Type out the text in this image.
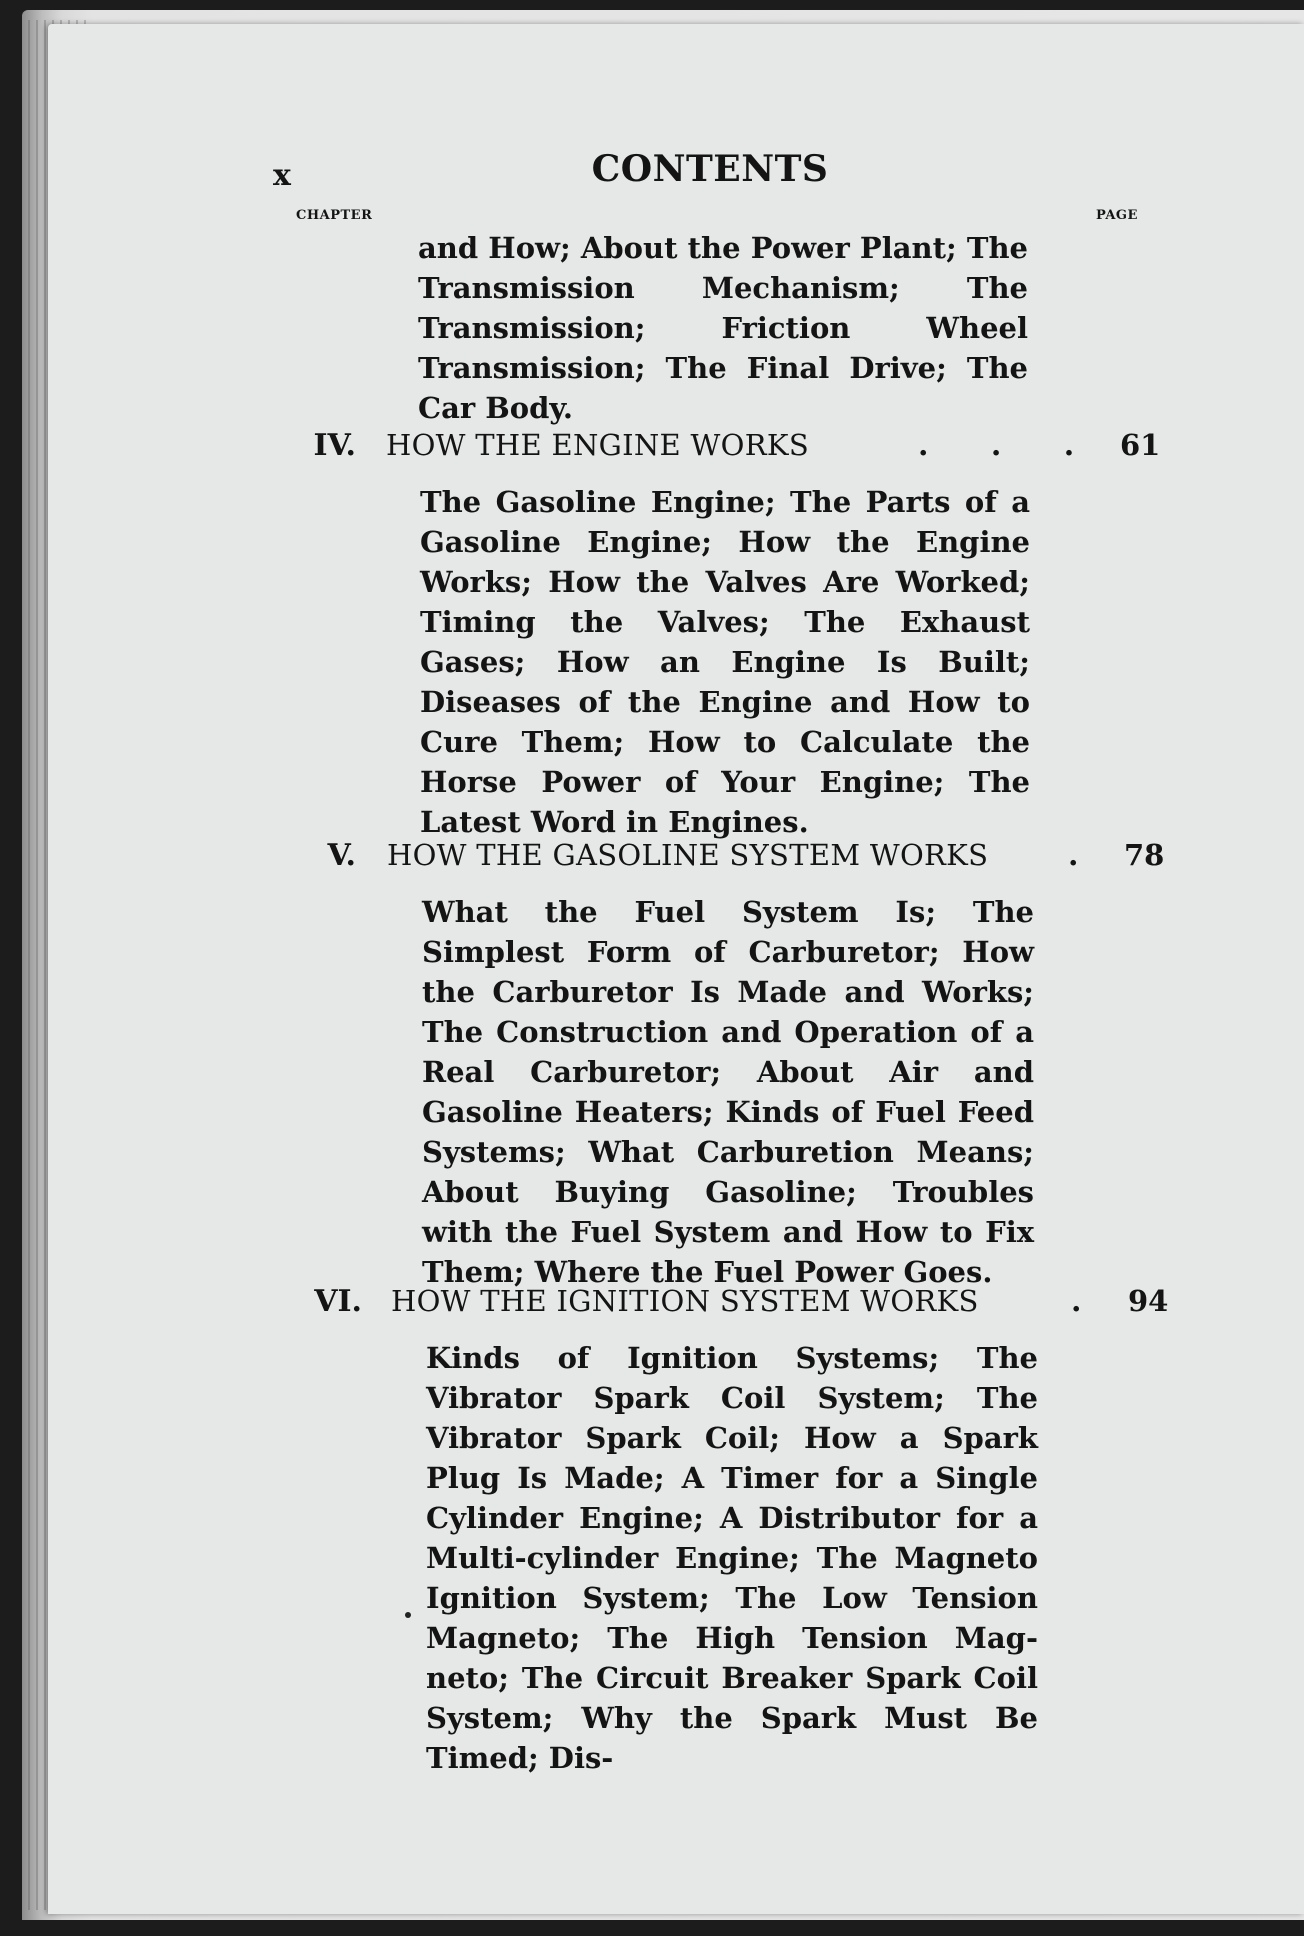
x	CONTENTS
CHAPTER	PAGE
and How; About the Power Plant; The Transmission Mechanism; The Transmission; Friction Wheel Transmission; The Final Drive; The Car Body.
IV. HOW THE ENGINE WORKS	. . . 61
The Gasoline Engine; The Parts of a Gasoline Engine; How the Engine Works; How the Valves Are Worked; Timing the Valves; The Exhaust Gases; How an Engine Is Built; Diseases of the Engine and How to Cure Them; How to Calculate the Horse Power of Your Engine; The Latest Word in Engines.
V. HOW THE GASOLINE SYSTEM WORKS	. 78
What the Fuel System Is; The Simplest Form of Carburetor; How the Carburetor Is Made and Works; The Construction and Operation of a Real Carburetor; About Air and Gasoline Heaters; Kinds of Fuel Feed Systems; What Carburetion Means; About Buying Gasoline; Troubles with the Fuel System and How to Fix Them; Where the Fuel Power Goes.
VI. HOW THE IGNITION SYSTEM WORKS	. 94
Kinds of Ignition Systems; The Vibrator Spark Coil System; The Vibrator Spark Coil; How a Spark Plug Is Made; A Timer for a Single Cylinder Engine; A Distributor for a Multi-cylinder Engine; The Magneto Ignition System; The Low Tension Magneto; The High Tension Magneto; The Circuit Breaker Spark Coil System; Why the Spark Must Be Timed; Dis-
